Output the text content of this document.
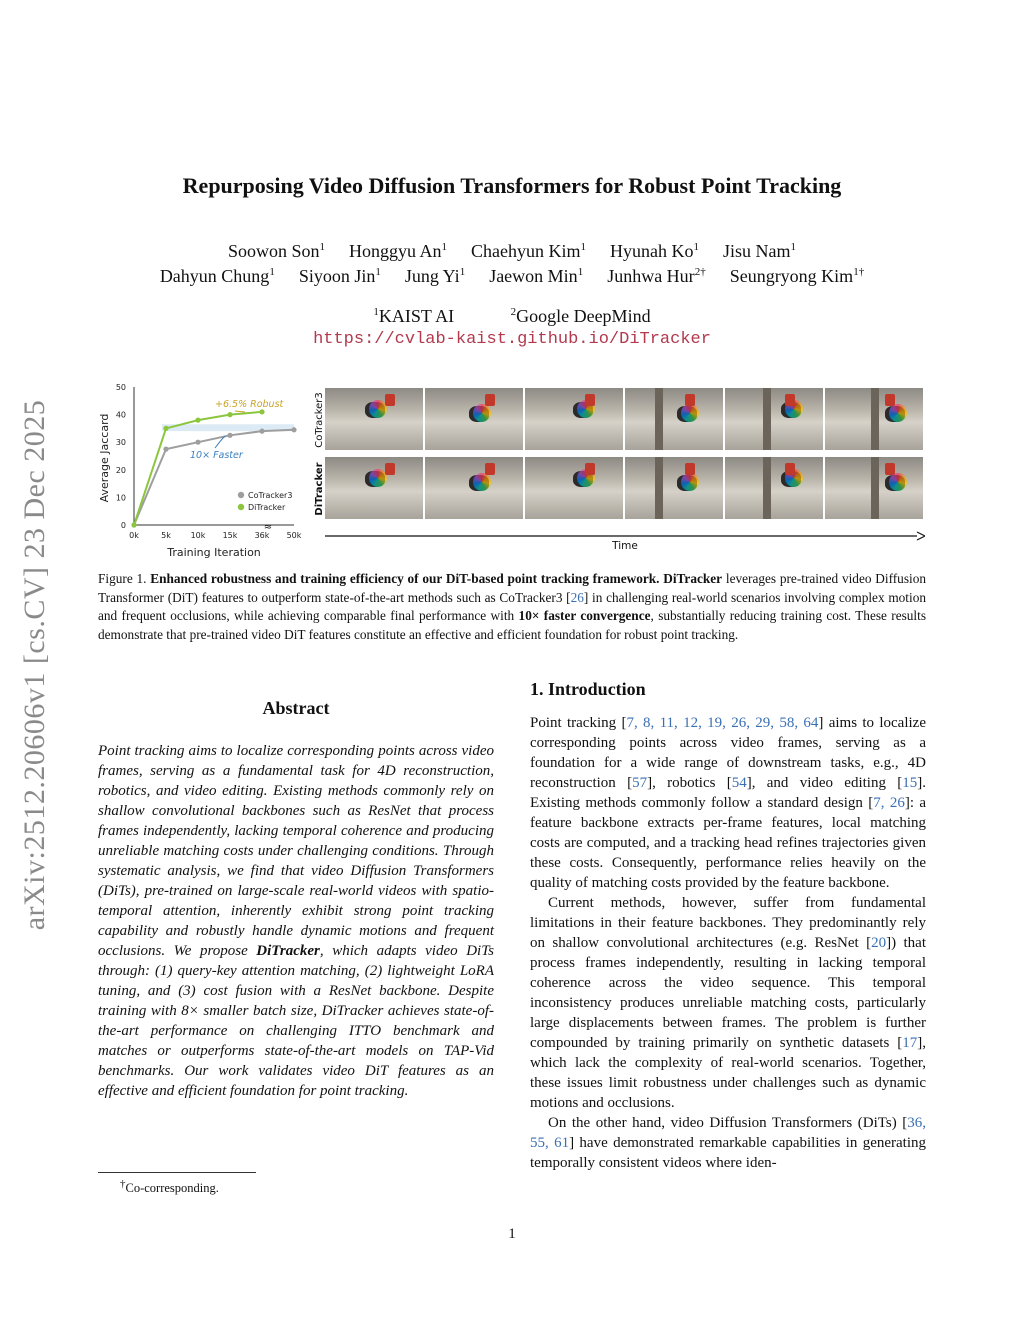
arXiv:2512.20606v1 [cs.CV] 23 Dec 2025
Repurposing Video Diffusion Transformers for Robust Point Tracking
Soowon Son$^1$ Honggyu An$^1$ Chaehyun Kim$^1$ Hyunah Ko$^1$ Jisu Nam$^1$
Dahyun Chung$^1$ Siyoon Jin$^1$ Jung Yi$^1$ Jaewon Min$^1$ Junhwa Hur$^{2\dagger}$ Seungryong Kim$^{1\dagger}$
$^1$KAIST AI	$^2$Google DeepMind
https://cvlab-kaist.github.io/DiTracker
0
10
20
30
40
50
0k	5k 10k 15k 36k 50k
≈
Training Iteration
Average Jaccard
+6.5% Robust
10× Faster
CoTracker3
DiTracker
CoTracker3
DiTracker
Time
Figure 1. Enhanced robustness and training efficiency of our DiT-based point tracking framework. DiTracker leverages pre-trained video Diffusion Transformer (DiT) features to outperform state-of-the-art methods such as CoTracker3 [26] in challenging real-world scenarios involving complex motion and frequent occlusions, while achieving comparable final performance with 10× faster convergence, substantially reducing training cost. These results demonstrate that pre-trained video DiT features constitute an effective and efficient foundation for robust point tracking.
Abstract
Point tracking aims to localize corresponding points across video frames, serving as a fundamental task for 4D reconstruction, robotics, and video editing. Existing methods commonly rely on shallow convolutional backbones such as ResNet that process frames independently, lacking temporal coherence and producing unreliable matching costs under challenging conditions. Through systematic analysis, we find that video Diffusion Transformers (DiTs), pre-trained on large-scale real-world videos with spatio-temporal attention, inherently exhibit strong point tracking capability and robustly handle dynamic motions and frequent occlusions. We propose DiTracker, which adapts video DiTs through: (1) query-key attention matching, (2) lightweight LoRA tuning, and (3) cost fusion with a ResNet backbone. Despite training with 8× smaller batch size, DiTracker achieves state-of-the-art performance on challenging ITTO benchmark and matches or outperforms state-of-the-art models on TAP-Vid benchmarks. Our work validates video DiT features as an effective and efficient foundation for point tracking.
1. Introduction

Point tracking [7, 8, 11, 12, 19, 26, 29, 58, 64] aims to localize corresponding points across video frames, serving as a foundation for a wide range of downstream tasks, e.g., 4D reconstruction [57], robotics [54], and video editing [15]. Existing methods commonly follow a standard design [7, 26]: a feature backbone extracts per-frame features, local matching costs are computed, and a tracking head refines trajectories given these costs. Consequently, performance relies heavily on the quality of matching costs provided by the feature backbone.

Current methods, however, suffer from fundamental limitations in their feature backbones. They predominantly rely on shallow convolutional architectures (e.g. ResNet [20]) that process frames independently, resulting in lacking temporal coherence across the video sequence. This temporal inconsistency produces unreliable matching costs, particularly large displacements between frames. The problem is further compounded by training primarily on synthetic datasets [17], which lack the complexity of real-world scenarios. Together, these issues limit robustness under challenges such as dynamic motions and occlusions.

On the other hand, video Diffusion Transformers (DiTs) [36, 55, 61] have demonstrated remarkable capabilities in generating temporally consistent videos where iden-

†Co-corresponding.
1
